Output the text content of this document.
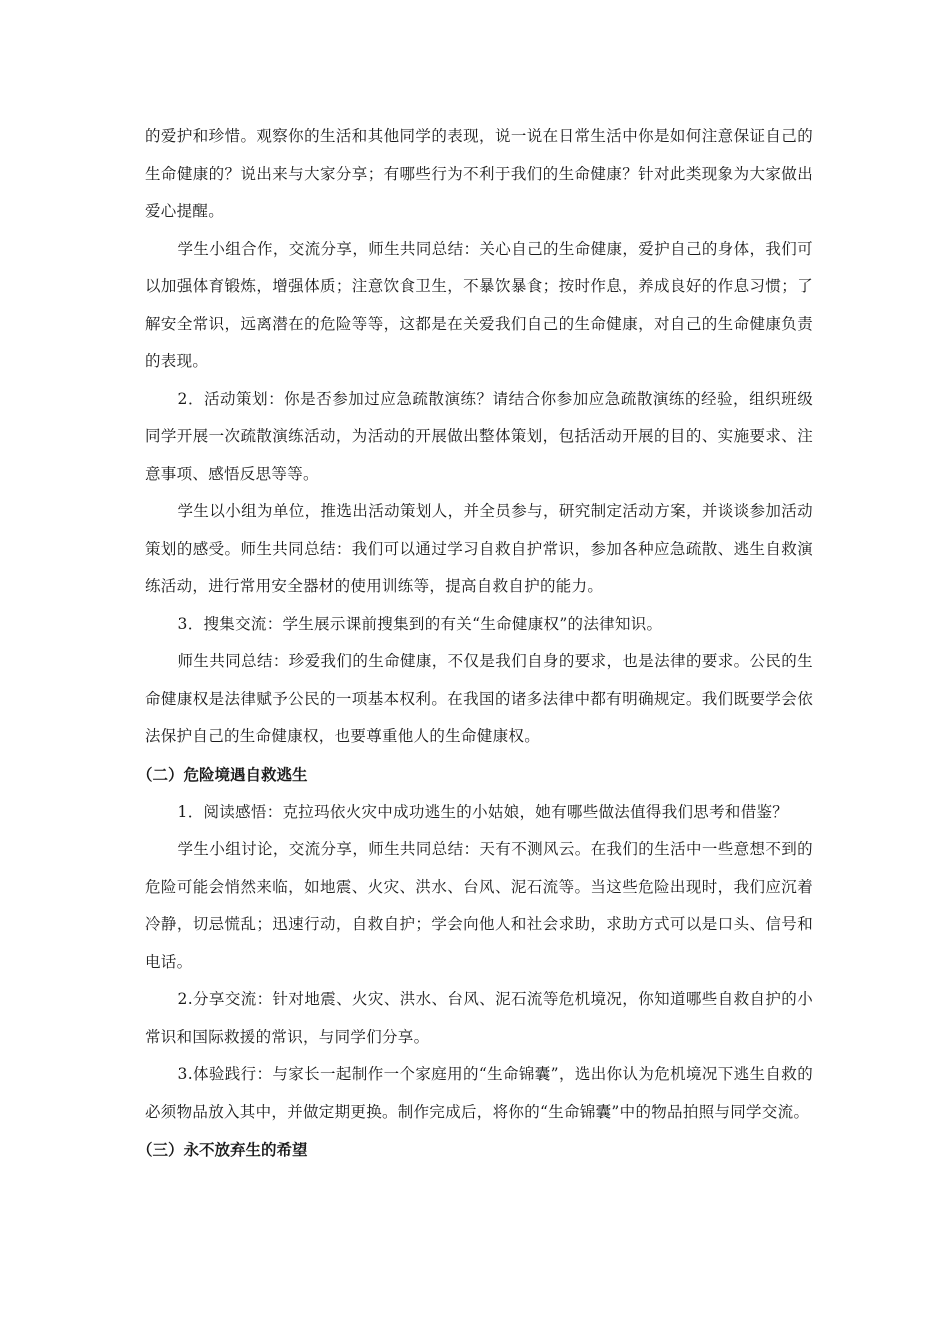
的爱护和珍惜。观察你的生活和其他同学的表现，说一说在日常生活中你是如何注意保证自己的生命健康的？说出来与大家分享；有哪些行为不利于我们的生命健康？针对此类现象为大家做出爱心提醒。

学生小组合作，交流分享，师生共同总结：关心自己的生命健康，爱护自己的身体，我们可以加强体育锻炼，增强体质；注意饮食卫生，不暴饮暴食；按时作息，养成良好的作息习惯；了解安全常识，远离潜在的危险等等，这都是在关爱我们自己的生命健康，对自己的生命健康负责的表现。

2．活动策划：你是否参加过应急疏散演练？请结合你参加应急疏散演练的经验，组织班级同学开展一次疏散演练活动，为活动的开展做出整体策划，包括活动开展的目的、实施要求、注意事项、感悟反思等等。

学生以小组为单位，推选出活动策划人，并全员参与，研究制定活动方案，并谈谈参加活动策划的感受。师生共同总结：我们可以通过学习自救自护常识，参加各种应急疏散、逃生自救演练活动，进行常用安全器材的使用训练等，提高自救自护的能力。

3．搜集交流：学生展示课前搜集到的有关“生命健康权”的法律知识。

师生共同总结：珍爱我们的生命健康，不仅是我们自身的要求，也是法律的要求。公民的生命健康权是法律赋予公民的一项基本权利。在我国的诸多法律中都有明确规定。我们既要学会依法保护自己的生命健康权，也要尊重他人的生命健康权。

（二）危险境遇自救逃生

1．阅读感悟：克拉玛依火灾中成功逃生的小姑娘，她有哪些做法值得我们思考和借鉴？

学生小组讨论，交流分享，师生共同总结：天有不测风云。在我们的生活中一些意想不到的危险可能会悄然来临，如地震、火灾、洪水、台风、泥石流等。当这些危险出现时，我们应沉着冷静，切忌慌乱；迅速行动，自救自护；学会向他人和社会求助，求助方式可以是口头、信号和电话。

2.分享交流：针对地震、火灾、洪水、台风、泥石流等危机境况，你知道哪些自救自护的小常识和国际救援的常识，与同学们分享。

3.体验践行：与家长一起制作一个家庭用的“生命锦囊”，选出你认为危机境况下逃生自救的必须物品放入其中，并做定期更换。制作完成后，将你的“生命锦囊”中的物品拍照与同学交流。

（三）永不放弃生的希望
